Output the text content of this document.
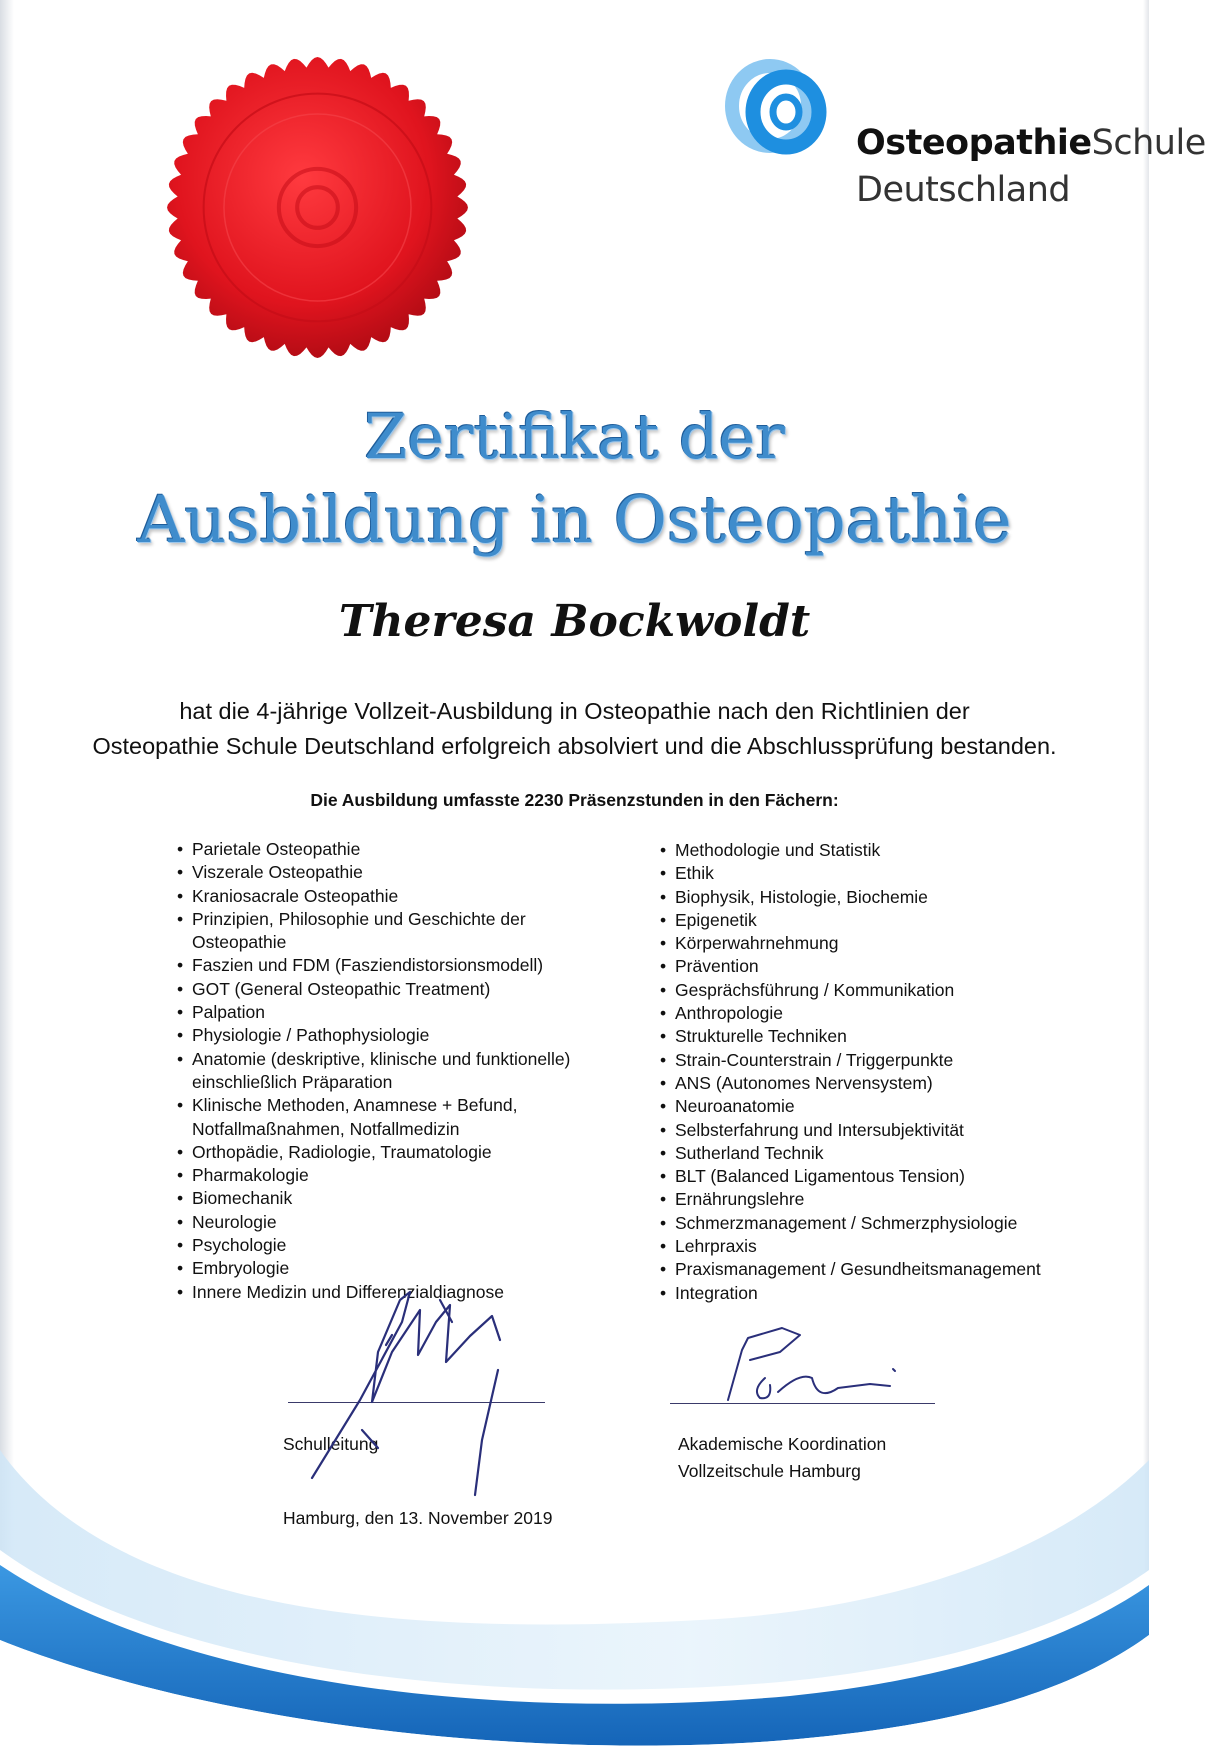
OsteopathieSchule
Deutschland
Zertifikat der
Ausbildung in Osteopathie
Theresa Bockwoldt
hat die 4-jährige Vollzeit-Ausbildung in Osteopathie nach den Richtlinien der
Osteopathie Schule Deutschland erfolgreich absolviert und die Abschlussprüfung bestanden.
Die Ausbildung umfasste 2230 Präsenzstunden in den Fächern:
• Parietale Osteopathie
• Viszerale Osteopathie
• Kraniosacrale Osteopathie
• Prinzipien, Philosophie und Geschichte der
Osteopathie
• Faszien und FDM (Fasziendistorsionsmodell)
• GOT (General Osteopathic Treatment)
• Palpation
• Physiologie / Pathophysiologie
• Anatomie (deskriptive, klinische und funktionelle)
einschließlich Präparation
• Klinische Methoden, Anamnese + Befund,
Notfallmaßnahmen, Notfallmedizin
• Orthopädie, Radiologie, Traumatologie
• Pharmakologie
• Biomechanik
• Neurologie
• Psychologie
• Embryologie
• Innere Medizin und Differenzialdiagnose
• Methodologie und Statistik
• Ethik
• Biophysik, Histologie, Biochemie
• Epigenetik
• Körperwahrnehmung
• Prävention
• Gesprächsführung / Kommunikation
• Anthropologie
• Strukturelle Techniken
• Strain-Counterstrain / Triggerpunkte
• ANS (Autonomes Nervensystem)
• Neuroanatomie
• Selbsterfahrung und Intersubjektivität
• Sutherland Technik
• BLT (Balanced Ligamentous Tension)
• Ernährungslehre
• Schmerzmanagement / Schmerzphysiologie
• Lehrpraxis
• Praxismanagement / Gesundheitsmanagement
• Integration
Schulleitung	Akademische Koordination
Vollzeitschule Hamburg
Hamburg, den 13. November 2019
